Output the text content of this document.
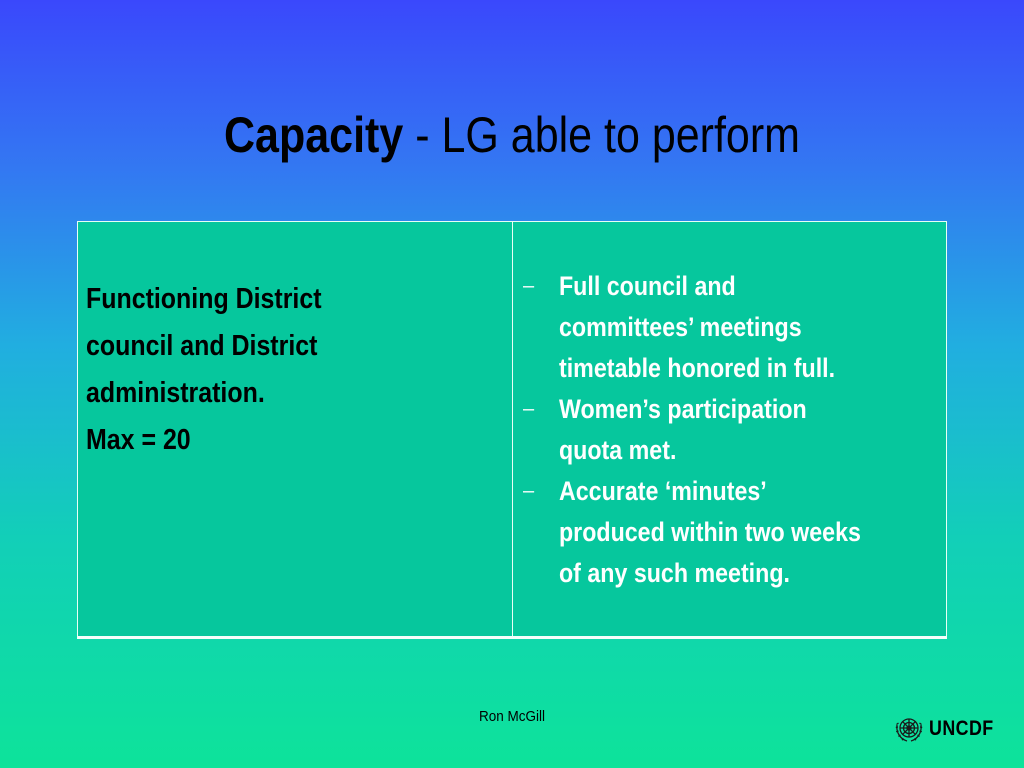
Capacity - LG able to perform
Functioning District
council and District
administration.
Max = 20
– Full council and
committees’ meetings
timetable honored in full.
– Women’s participation
quota met.
– Accurate ‘minutes’
produced within two weeks
of any such meeting.
Ron McGill
UNCDF
